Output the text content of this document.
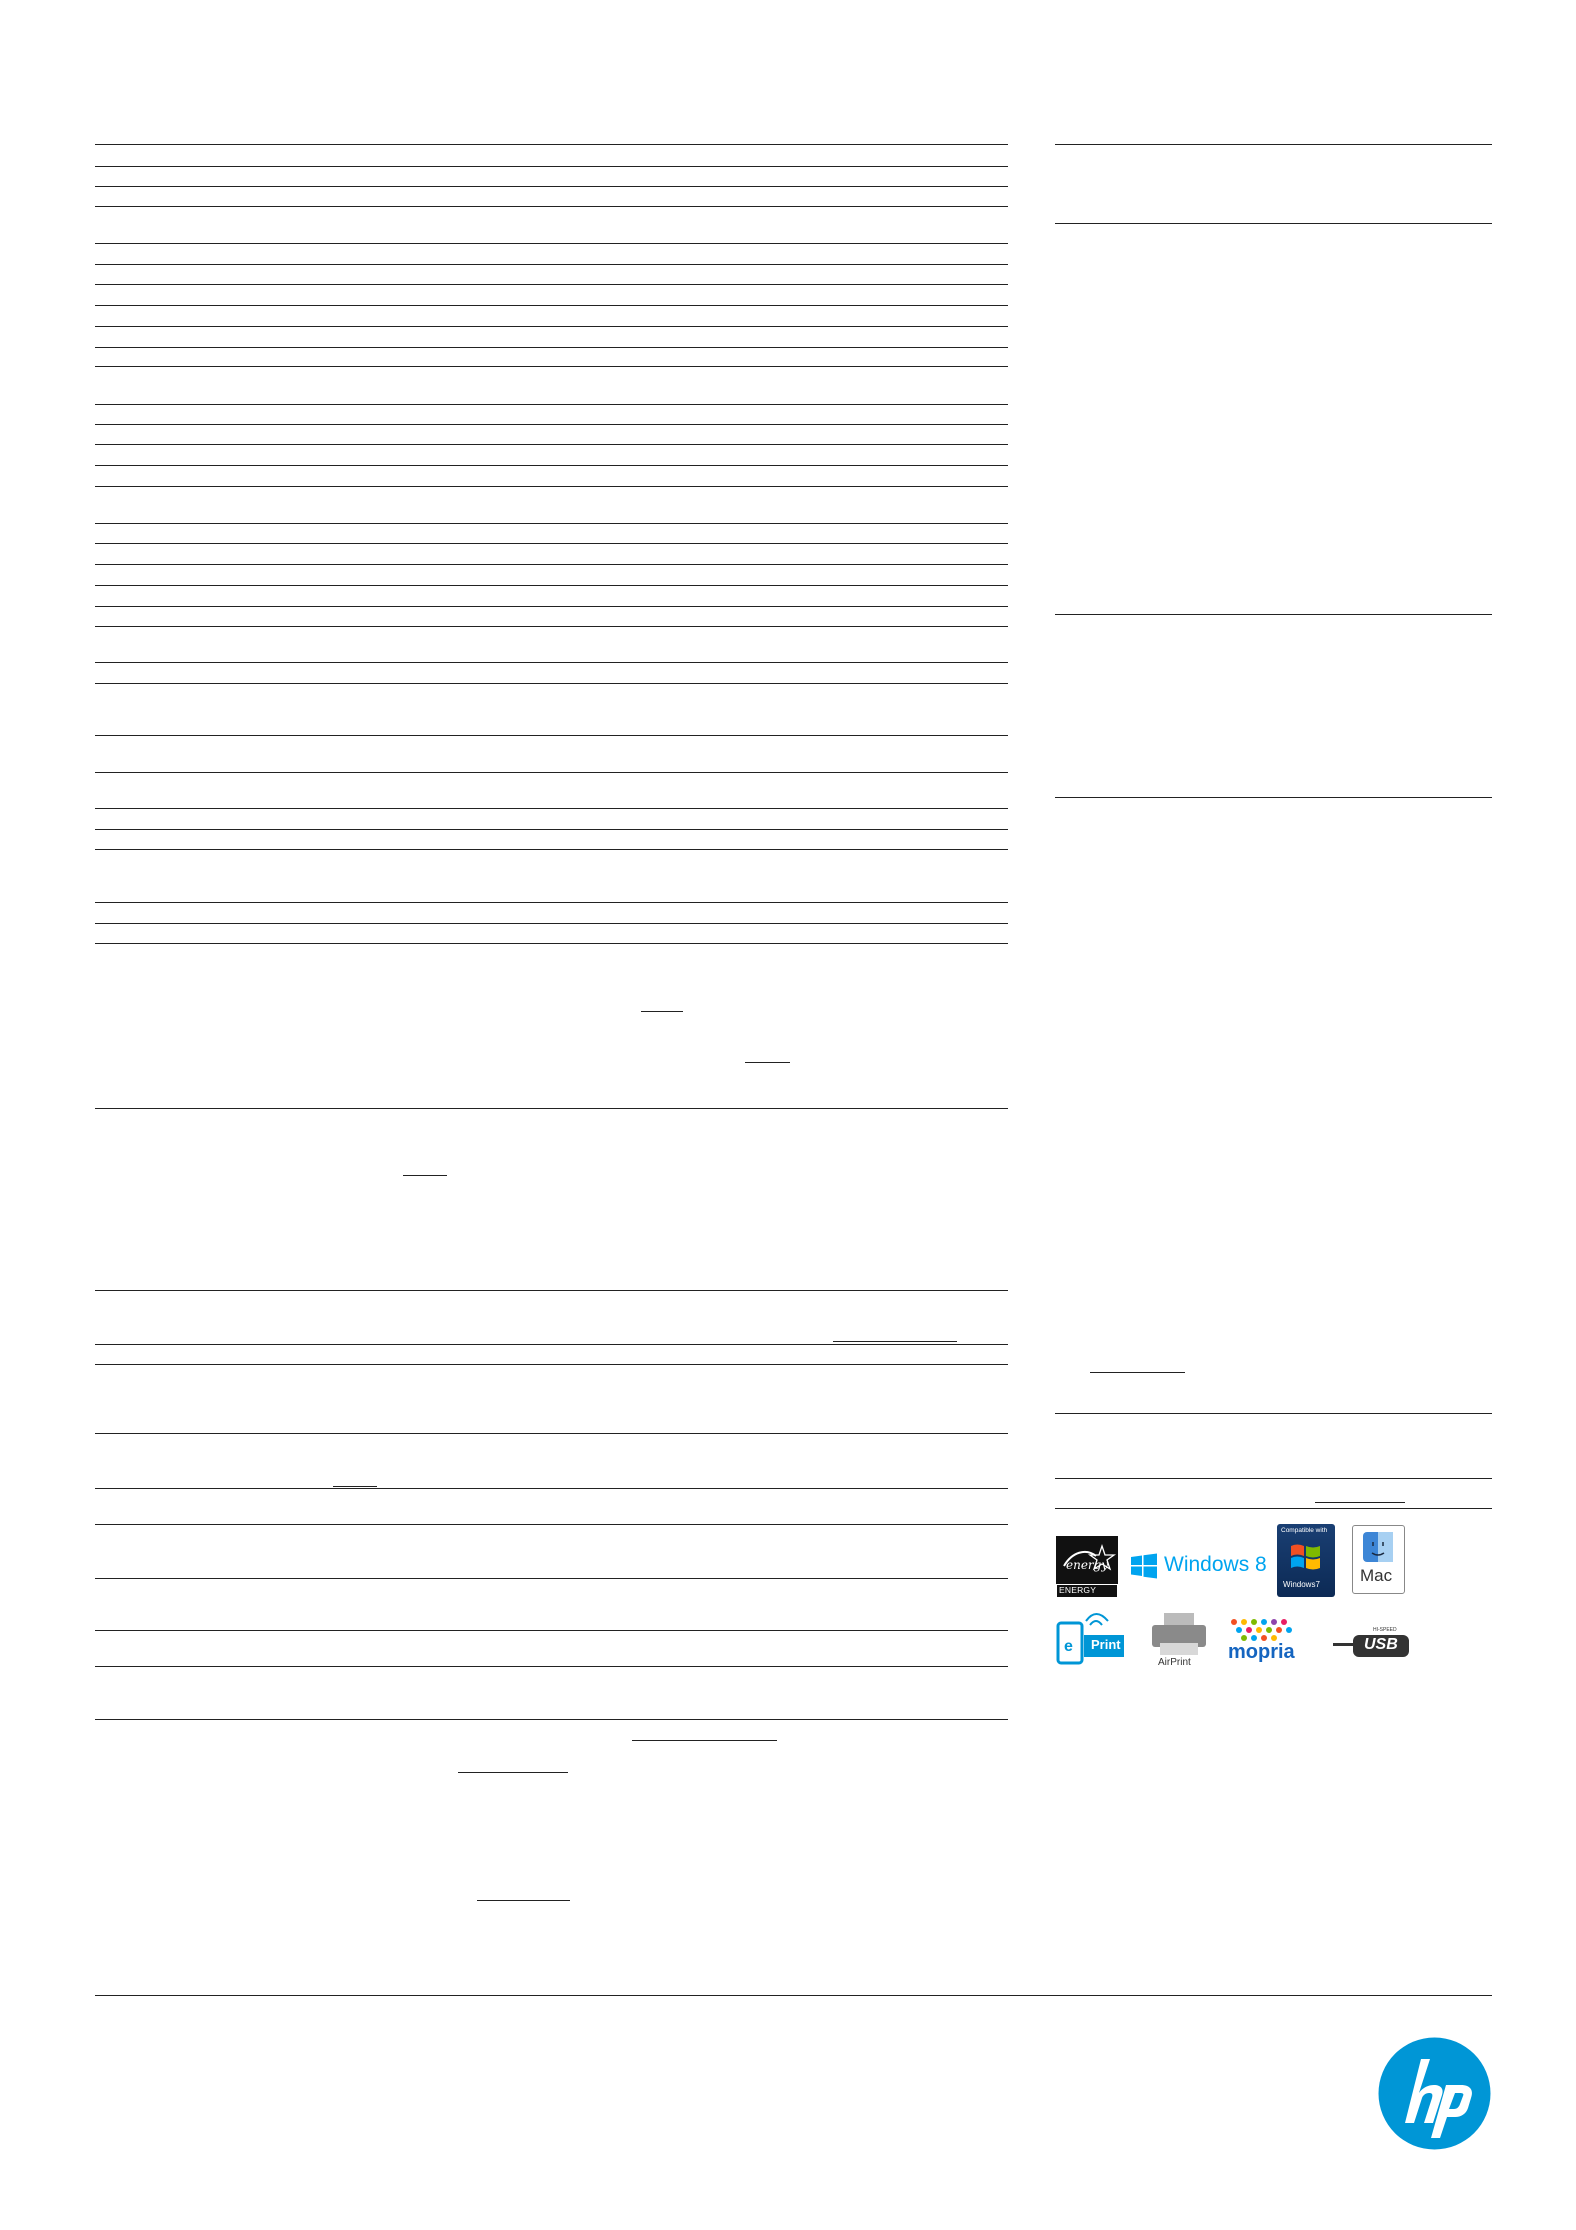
energy
ENERGY STAR
Windows 8
Compatible with
Windows7 Mac
e Print
AirPrint mopria
HI-SPEED
USB
